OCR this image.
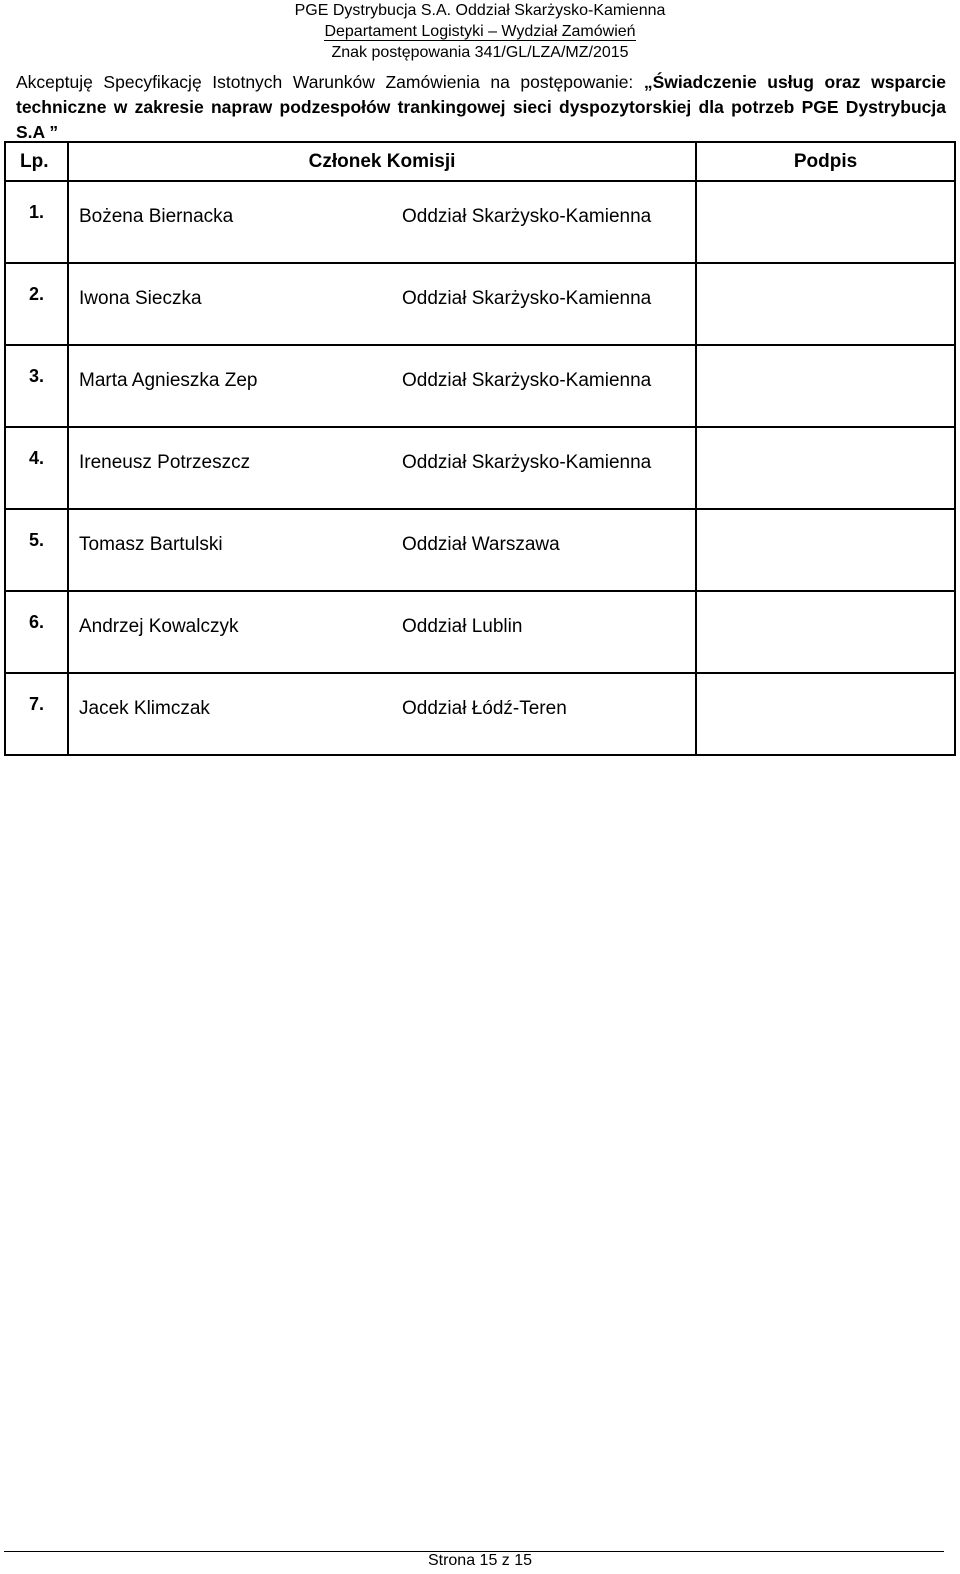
PGE Dystrybucja S.A. Oddział Skarżysko-Kamienna
Departament Logistyki – Wydział Zamówień
Znak postępowania 341/GL/LZA/MZ/2015
Akceptuję Specyfikację Istotnych Warunków Zamówienia na postępowanie: „Świadczenie usług oraz wsparcie techniczne w zakresie napraw podzespołów trankingowej sieci dyspozytorskiej dla potrzeb PGE Dystrybucja S.A ”
Lp.	Członek Komisji		Podpis
1.	Bożena Biernacka	Oddział Skarżysko-Kamienna	
2.	Iwona Sieczka	Oddział Skarżysko-Kamienna	
3.	Marta Agnieszka Zep	Oddział Skarżysko-Kamienna	
4.	Ireneusz Potrzeszcz	Oddział Skarżysko-Kamienna	
5.	Tomasz Bartulski	Oddział Warszawa	
6.	Andrzej Kowalczyk	Oddział Lublin	
7.	Jacek Klimczak	Oddział Łódź-Teren	
Strona 15 z 15
